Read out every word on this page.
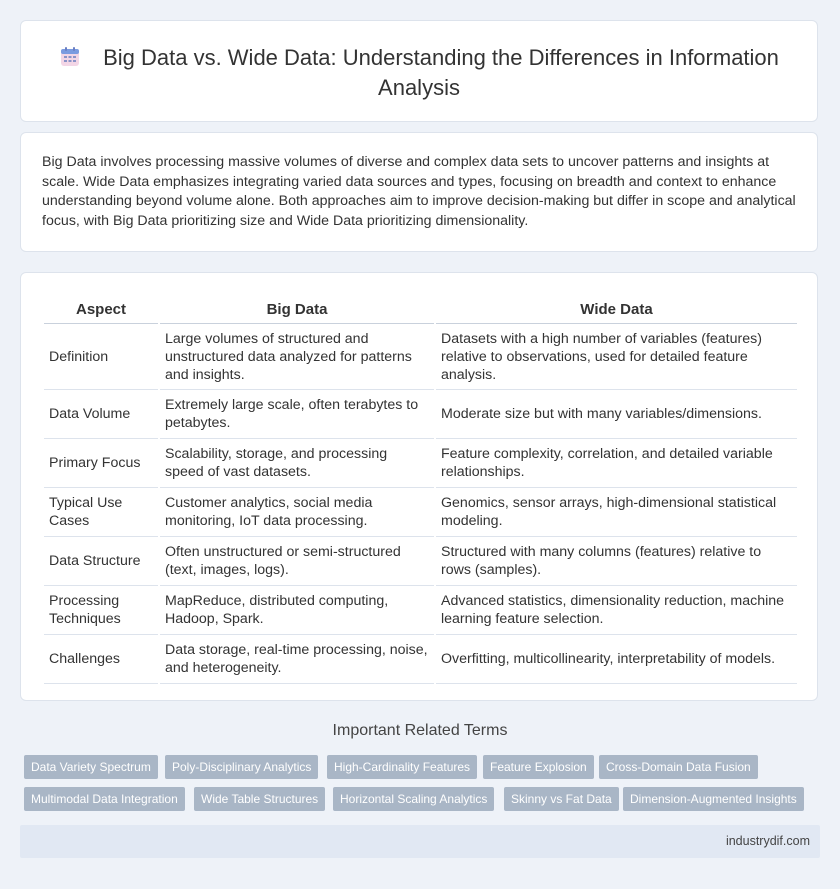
Big Data vs. Wide Data: Understanding the Differences in Information Analysis
Big Data involves processing massive volumes of diverse and complex data sets to uncover patterns and insights at scale. Wide Data emphasizes integrating varied data sources and types, focusing on breadth and context to enhance understanding beyond volume alone. Both approaches aim to improve decision-making but differ in scope and analytical focus, with Big Data prioritizing size and Wide Data prioritizing dimensionality.
Aspect	Big Data	Wide Data
Definition	Large volumes of structured and unstructured data analyzed for patterns and insights.	Datasets with a high number of variables (features) relative to observations, used for detailed feature analysis.
Data Volume	Extremely large scale, often terabytes to petabytes.	Moderate size but with many variables/dimensions.
Primary Focus	Scalability, storage, and processing speed of vast datasets.	Feature complexity, correlation, and detailed variable relationships.
Typical Use Cases	Customer analytics, social media monitoring, IoT data processing.	Genomics, sensor arrays, high-dimensional statistical modeling.
Data Structure	Often unstructured or semi-structured (text, images, logs).	Structured with many columns (features) relative to rows (samples).
Processing Techniques	MapReduce, distributed computing, Hadoop, Spark.	Advanced statistics, dimensionality reduction, machine learning feature selection.
Challenges	Data storage, real-time processing, noise, and heterogeneity.	Overfitting, multicollinearity, interpretability of models.
Important Related Terms
Data Variety Spectrum	Poly-Disciplinary Analytics	High-Cardinality Features	Feature Explosion	Cross-Domain Data Fusion
Multimodal Data Integration	Wide Table Structures	Horizontal Scaling Analytics	Skinny vs Fat Data	Dimension-Augmented Insights
industrydif.com
